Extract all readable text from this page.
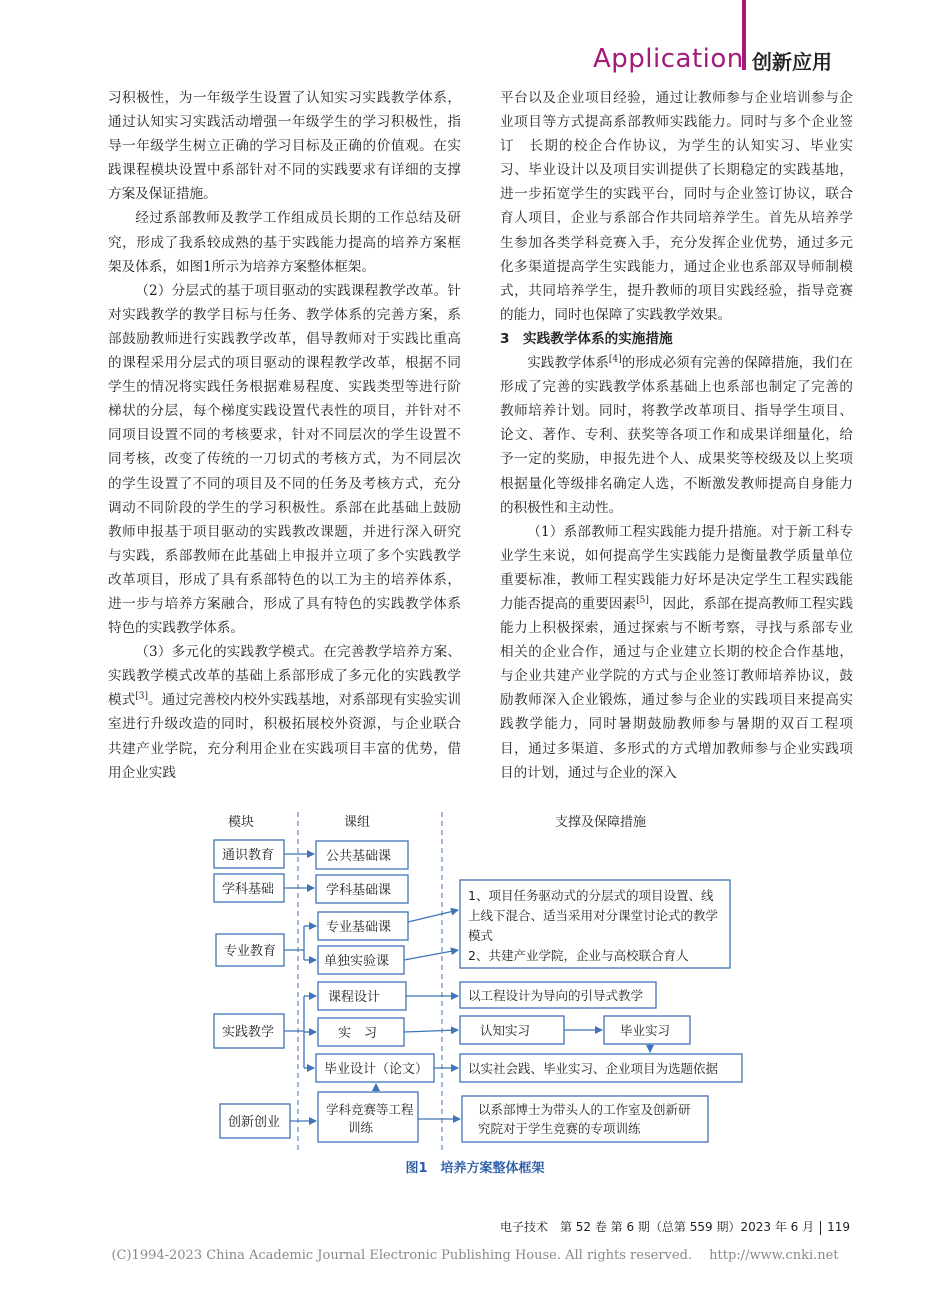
Application 创新应用

习积极性，为一年级学生设置了认知实习实践教学体系，通过认知实习实践活动增强一年级学生的学习积极性，指导一年级学生树立正确的学习目标及正确的价值观。在实践课程模块设置中系部针对不同的实践要求有详细的支撑方案及保证措施。

经过系部教师及教学工作组成员长期的工作总结及研究，形成了我系较成熟的基于实践能力提高的培养方案框架及体系，如图1所示为培养方案整体框架。

（2）分层式的基于项目驱动的实践课程教学改革。针对实践教学的教学目标与任务、教学体系的完善方案，系部鼓励教师进行实践教学改革，倡导教师对于实践比重高的课程采用分层式的项目驱动的课程教学改革，根据不同学生的情况将实践任务根据难易程度、实践类型等进行阶梯状的分层，每个梯度实践设置代表性的项目，并针对不同项目设置不同的考核要求，针对不同层次的学生设置不同考核，改变了传统的一刀切式的考核方式，为不同层次的学生设置了不同的项目及不同的任务及考核方式，充分调动不同阶段的学生的学习积极性。系部在此基础上鼓励教师申报基于项目驱动的实践教改课题，并进行深入研究与实践，系部教师在此基础上申报并立项了多个实践教学改革项目，形成了具有系部特色的以工为主的培养体系，进一步与培养方案融合，形成了具有特色的实践教学体系特色的实践教学体系。

（3）多元化的实践教学模式。在完善教学培养方案、实践教学模式改革的基础上系部形成了多元化的实践教学模式[3]。通过完善校内校外实践基地，对系部现有实验实训室进行升级改造的同时，积极拓展校外资源，与企业联合共建产业学院，充分利用企业在实践项目丰富的优势，借用企业实践

平台以及企业项目经验，通过让教师参与企业培训参与企业项目等方式提高系部教师实践能力。同时与多个企业签订　长期的校企合作协议，为学生的认知实习、毕业实习、毕业设计以及项目实训提供了长期稳定的实践基地，进一步拓宽学生的实践平台，同时与企业签订协议，联合育人项目，企业与系部合作共同培养学生。首先从培养学生参加各类学科竞赛入手，充分发挥企业优势，通过多元化多渠道提高学生实践能力，通过企业也系部双导师制模式，共同培养学生，提升教师的项目实践经验，指导竞赛的能力，同时也保障了实践教学效果。

3　实践教学体系的实施措施

实践教学体系[4]的形成必须有完善的保障措施，我们在形成了完善的实践教学体系基础上也系部也制定了完善的教师培养计划。同时，将教学改革项目、指导学生项目、论文、著作、专利、获奖等各项工作和成果详细量化，给予一定的奖励，申报先进个人、成果奖等校级及以上奖项根据量化等级排名确定人选，不断激发教师提高自身能力的积极性和主动性。

（1）系部教师工程实践能力提升措施。对于新工科专业学生来说，如何提高学生实践能力是衡量教学质量单位重要标准，教师工程实践能力好坏是决定学生工程实践能力能否提高的重要因素[5]，因此，系部在提高教师工程实践能力上积极探索，通过探索与不断考察，寻找与系部专业相关的企业合作，通过与企业建立长期的校企合作基地，与企业共建产业学院的方式与企业签订教师培养协议，鼓励教师深入企业锻炼，通过参与企业的实践项目来提高实践教学能力，同时暑期鼓励教师参与暑期的双百工程项目，通过多渠道、多形式的方式增加教师参与企业实践项目的计划，通过与企业的深入

模块	课组	支撑及保障措施
通识教育
学科基础
专业教育
实践教学
创新创业
公共基础课
学科基础课
专业基础课
单独实验课
课程设计
实　习
毕业设计（论文）
学科竞赛等工程训练
1、项目任务驱动式的分层式的项目设置、线
上线下混合、适当采用对分课堂讨论式的教学
模式
2、共建产业学院，企业与高校联合育人
以工程设计为导向的引导式教学
认知实习	毕业实习
以实社会践、毕业实习、企业项目为选题依据
以系部博士为带头人的工作室及创新研
究院对于学生竞赛的专项训练
图1　培养方案整体框架
电子技术　第 52 卷 第 6 期（总第 559 期）2023 年 6 月 119
(C)1994-2023 China Academic Journal Electronic Publishing House. All rights reserved.　 http://www.cnki.net
